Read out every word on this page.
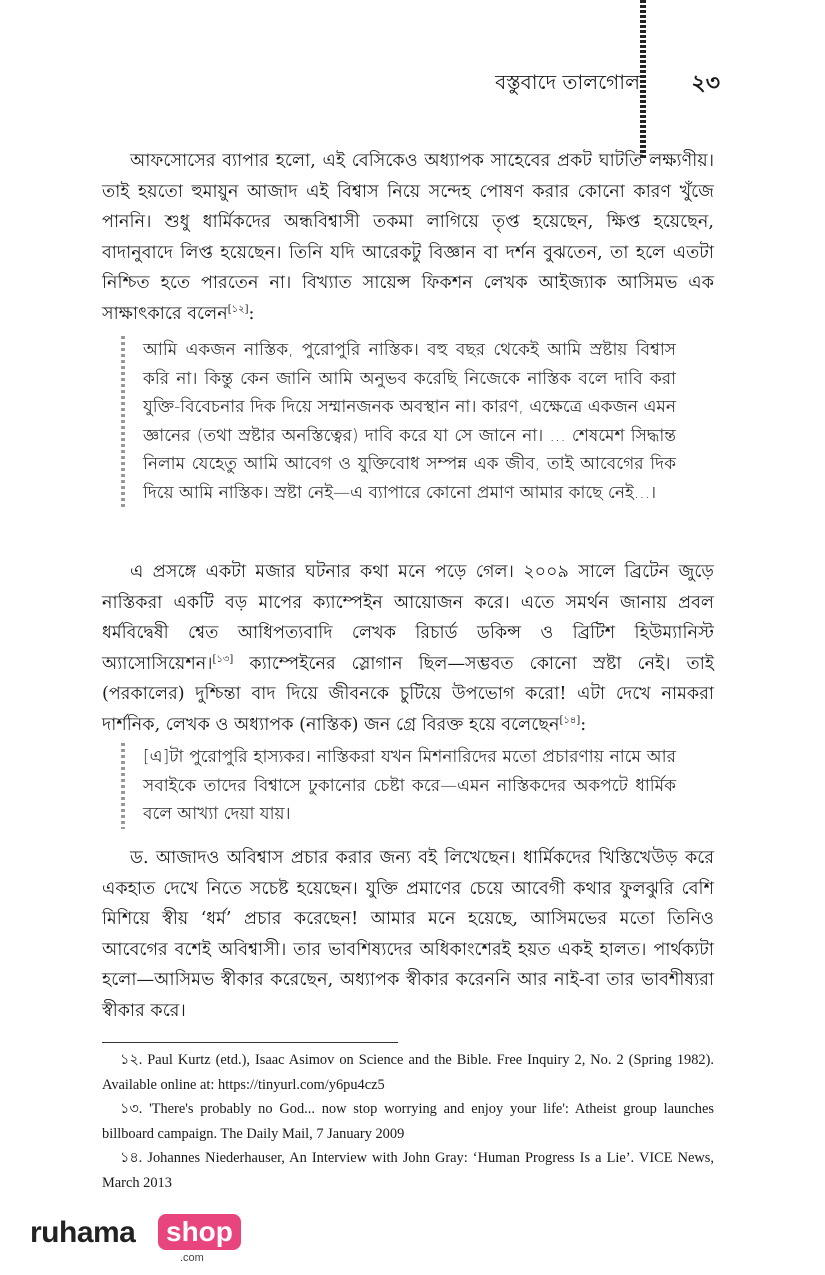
বস্তুবাদে তালগোল ২৩

আফসোসের ব্যাপার হলো, এই বেসিকেও অধ্যাপক সাহেবের প্রকট ঘাটতি লক্ষ্যণীয়। তাই হয়তো হুমায়ুন আজাদ এই বিশ্বাস নিয়ে সন্দেহ পোষণ করার কোনো কারণ খুঁজে পাননি। শুধু ধার্মিকদের অন্ধবিশ্বাসী তকমা লাগিয়ে তৃপ্ত হয়েছেন, ক্ষিপ্ত হয়েছেন, বাদানুবাদে লিপ্ত হয়েছেন। তিনি যদি আরেকটু বিজ্ঞান বা দর্শন বুঝতেন, তা হলে এতটা নিশ্চিত হতে পারতেন না। বিখ্যাত সায়েন্স ফিকশন লেখক আইজ্যাক আসিমভ এক সাক্ষাৎকারে বলেন[১২]:

আমি একজন নাস্তিক, পুরোপুরি নাস্তিক। বহু বছর থেকেই আমি স্রষ্টায় বিশ্বাস করি না। কিন্তু কেন জানি আমি অনুভব করেছি নিজেকে নাস্তিক বলে দাবি করা যুক্তি-বিবেচনার দিক দিয়ে সম্মানজনক অবস্থান না। কারণ, এক্ষেত্রে একজন এমন জ্ঞানের (তথা স্রষ্টার অনস্তিত্বের) দাবি করে যা সে জানে না। ... শেষমেশ সিদ্ধান্ত নিলাম যেহেতু আমি আবেগ ও যুক্তিবোধ সম্পন্ন এক জীব, তাই আবেগের দিক দিয়ে আমি নাস্তিক। স্রষ্টা নেই—এ ব্যাপারে কোনো প্রমাণ আমার কাছে নেই...।

এ প্রসঙ্গে একটা মজার ঘটনার কথা মনে পড়ে গেল। ২০০৯ সালে ব্রিটেন জুড়ে নাস্তিকরা একটি বড় মাপের ক্যাম্পেইন আয়োজন করে। এতে সমর্থন জানায় প্রবল ধর্মবিদ্বেষী শ্বেত আধিপত্যবাদি লেখক রিচার্ড ডকিন্স ও ব্রিটিশ হিউম্যানিস্ট অ্যাসোসিয়েশন।[১৩] ক্যাম্পেইনের স্লোগান ছিল—সম্ভবত কোনো স্রষ্টা নেই। তাই (পরকালের) দুশ্চিন্তা বাদ দিয়ে জীবনকে চুটিয়ে উপভোগ করো! এটা দেখে নামকরা দার্শনিক, লেখক ও অধ্যাপক (নাস্তিক) জন গ্রে বিরক্ত হয়ে বলেছেন[১৪]:

[এ]টা পুরোপুরি হাস্যকর। নাস্তিকরা যখন মিশনারিদের মতো প্রচারণায় নামে আর সবাইকে তাদের বিশ্বাসে ঢুকানোর চেষ্টা করে—এমন নাস্তিকদের অকপটে ধার্মিক বলে আখ্যা দেয়া যায়।

ড. আজাদও অবিশ্বাস প্রচার করার জন্য বই লিখেছেন। ধার্মিকদের খিস্তিখেউড় করে একহাত দেখে নিতে সচেষ্ট হয়েছেন। যুক্তি প্রমাণের চেয়ে আবেগী কথার ফুলঝুরি বেশি মিশিয়ে স্বীয় ‘ধর্ম’ প্রচার করেছেন! আমার মনে হয়েছে, আসিমভের মতো তিনিও আবেগের বশেই অবিশ্বাসী। তার ভাবশিষ্যদের অধিকাংশেরই হয়ত একই হালত। পার্থক্যটা হলো—আসিমভ স্বীকার করেছেন, অধ্যাপক স্বীকার করেননি আর নাই-বা তার ভাবশীষ্যরা স্বীকার করে।

১২. Paul Kurtz (etd.), Isaac Asimov on Science and the Bible. Free Inquiry 2, No. 2 (Spring 1982). Available online at: https://tinyurl.com/y6pu4cz5

১৩. 'There's probably no God... now stop worrying and enjoy your life': Atheist group launches billboard campaign. The Daily Mail, 7 January 2009

১৪. Johannes Niederhauser, An Interview with John Gray: ‘Human Progress Is a Lie’. VICE News, March 2013

ruhama shop
.com
